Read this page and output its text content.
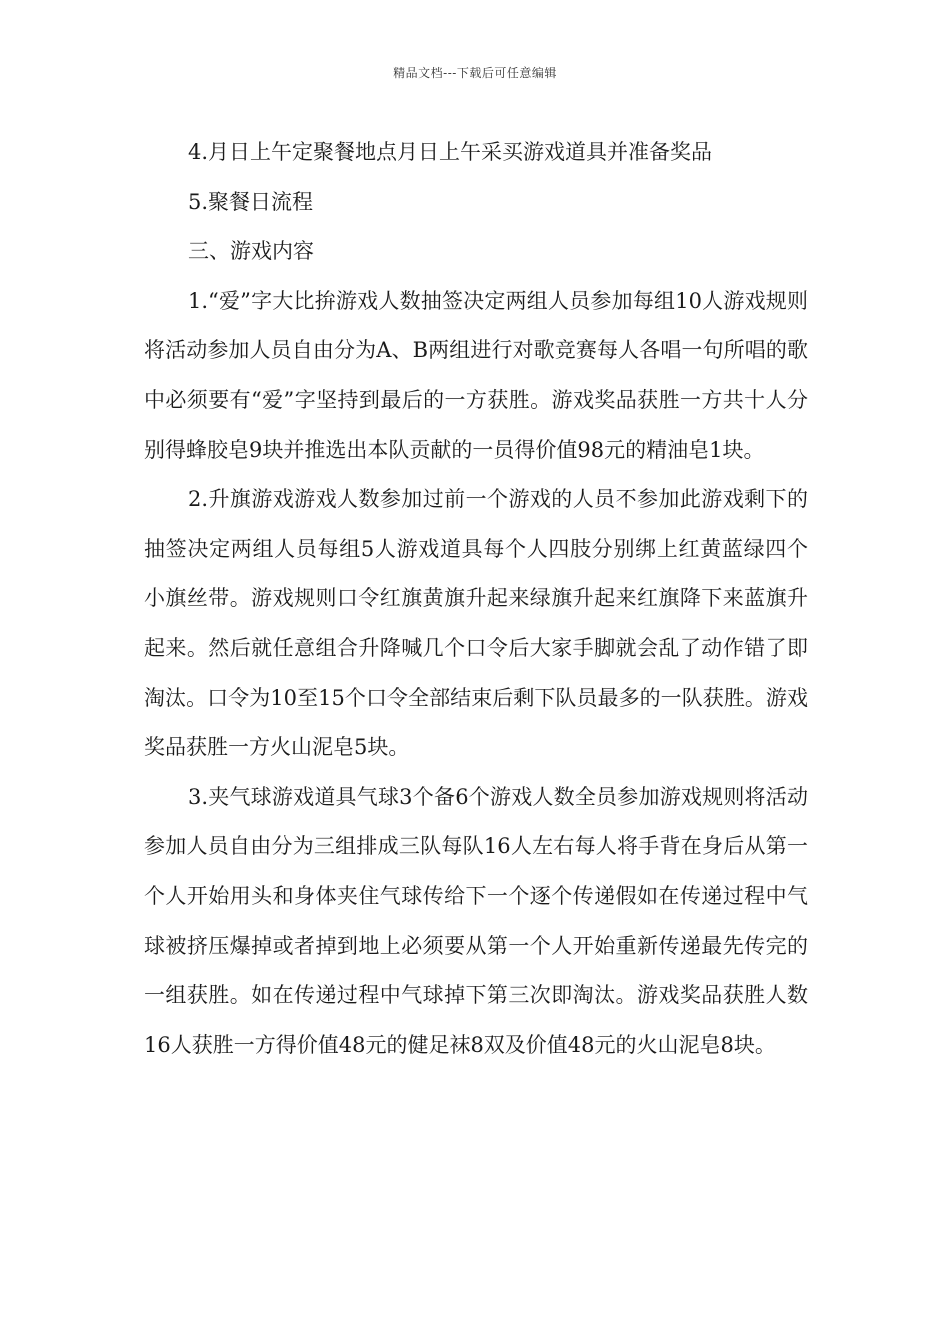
精品文档---下载后可任意编辑

4.月日上午定聚餐地点月日上午采买游戏道具并准备奖品

5.聚餐日流程

三、游戏内容

1.“爱”字大比拚游戏人数抽签决定两组人员参加每组10人游戏规则将活动参加人员自由分为A、B两组进行对歌竞赛每人各唱一句所唱的歌中必须要有“爱”字坚持到最后的一方获胜。游戏奖品获胜一方共十人分别得蜂胶皂9块并推选出本队贡献的一员得价值98元的精油皂1块。

2.升旗游戏游戏人数参加过前一个游戏的人员不参加此游戏剩下的抽签决定两组人员每组5人游戏道具每个人四肢分别绑上红黄蓝绿四个小旗丝带。游戏规则口令红旗黄旗升起来绿旗升起来红旗降下来蓝旗升起来。然后就任意组合升降喊几个口令后大家手脚就会乱了动作错了即淘汰。口令为10至15个口令全部结束后剩下队员最多的一队获胜。游戏奖品获胜一方火山泥皂5块。

3.夹气球游戏道具气球3个备6个游戏人数全员参加游戏规则将活动参加人员自由分为三组排成三队每队16人左右每人将手背在身后从第一个人开始用头和身体夹住气球传给下一个逐个传递假如在传递过程中气球被挤压爆掉或者掉到地上必须要从第一个人开始重新传递最先传完的一组获胜。如在传递过程中气球掉下第三次即淘汰。游戏奖品获胜人数16人获胜一方得价值48元的健足袜8双及价值48元的火山泥皂8块。
